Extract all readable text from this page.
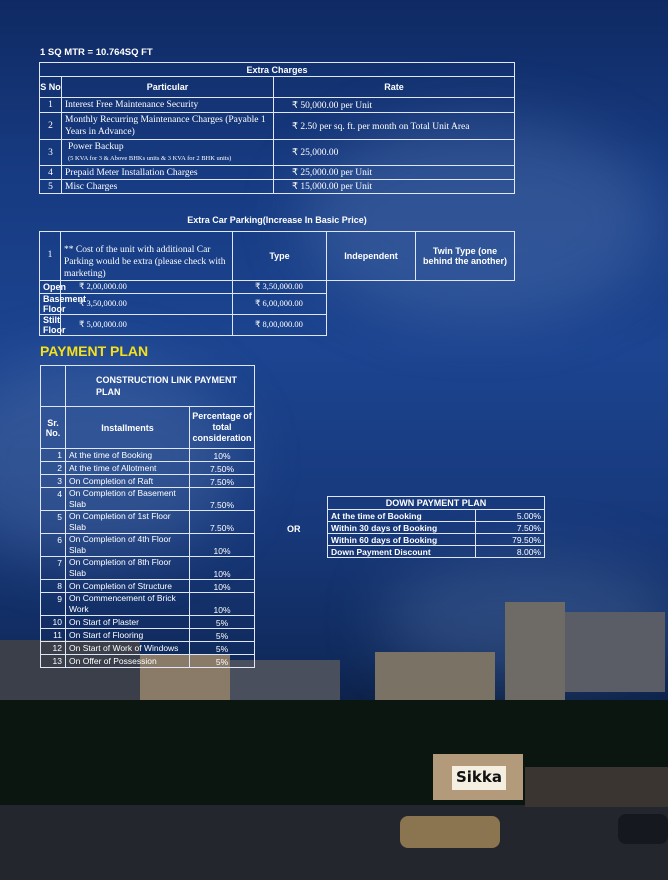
Sikka
1 SQ MTR = 10.764SQ FT
Extra Charges		
S No	Particular	Rate
1	Interest Free Maintenance Security	₹ 50,000.00 per Unit
2	Monthly Recurring Maintenance Charges (Payable 1 Years in Advance)	₹ 2.50 per sq. ft. per month on Total Unit Area
3	Power Backup
(5 KVA for 3 & Above BHKs units & 3 KVA for 2 BHK units)	₹ 25,000.00
4	Prepaid Meter Installation Charges	₹ 25,000.00 per Unit
5	Misc Charges	₹ 15,000.00 per Unit
Extra Car Parking(Increase In Basic Price)
1	** Cost of the unit with additional Car Parking would be extra (please check with marketing)	Type	Independent	Twin Type (one behind the another)
Open	₹ 2,00,000.00	₹ 3,50,000.00
Basement Floor	₹ 3,50,000.00	₹ 6,00,000.00
Stilt Floor	₹ 5,00,000.00	₹ 8,00,000.00
PAYMENT PLAN
	CONSTRUCTION LINK PAYMENT PLAN	
Sr. No.	Installments	Percentage of total consideration
1	At the time of Booking	10%
2	At the time of Allotment	7.50%
3	On Completion of Raft	7.50%
4	On Completion of Basement Slab	7.50%
5	On Completion of 1st Floor Slab	7.50%
6	On Completion of 4th Floor Slab	10%
7	On Completion of 8th Floor Slab	10%
8	On Completion of Structure	10%
9	On Commencement of Brick Work	10%
10	On Start of Plaster	5%
11	On Start of Flooring	5%
12	On Start of Work of Windows	5%
13	On Offer of Possession	5%
OR
DOWN PAYMENT PLAN	
At the time of Booking	5.00%
Within 30 days of Booking	7.50%
Within 60 days of Booking	79.50%
Down Payment Discount	8.00%
